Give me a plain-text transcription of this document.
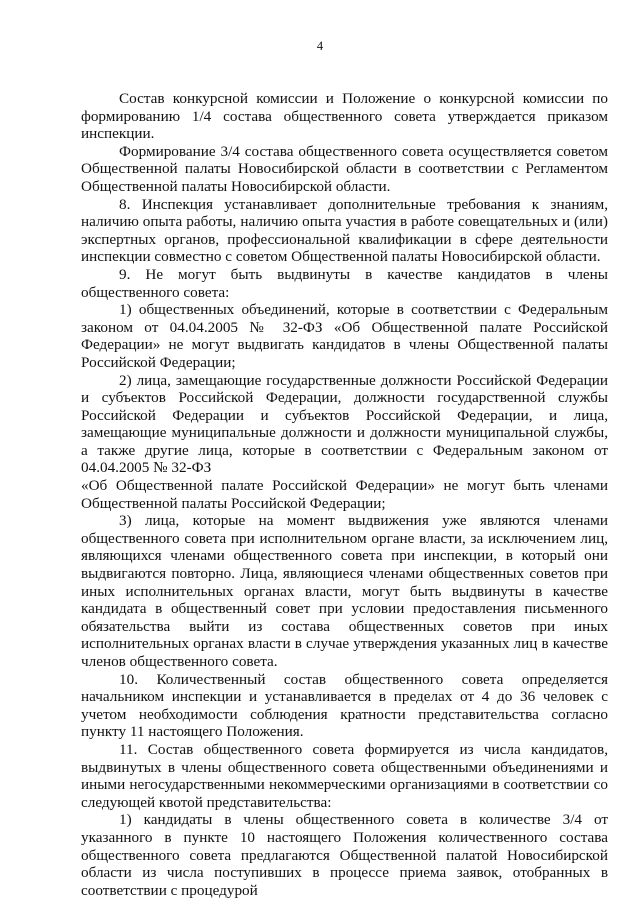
4

Состав конкурсной комиссии и Положение о конкурсной комиссии по формированию 1/4 состава общественного совета утверждается приказом инспекции.

Формирование 3/4 состава общественного совета осуществляется советом Общественной палаты Новосибирской области в соответствии с Регламентом Общественной палаты Новосибирской области.

8. Инспекция устанавливает дополнительные требования к знаниям, наличию опыта работы, наличию опыта участия в работе совещательных и (или) экспертных органов, профессиональной квалификации в сфере деятельности инспекции совместно с советом Общественной палаты Новосибирской области.

9. Не могут быть выдвинуты в качестве кандидатов в члены общественного совета:

1) общественных объединений, которые в соответствии с Федеральным законом от 04.04.2005 № 32-ФЗ «Об Общественной палате Российской Федерации» не могут выдвигать кандидатов в члены Общественной палаты Российской Федерации;

2) лица, замещающие государственные должности Российской Федерации и субъектов Российской Федерации, должности государственной службы Российской Федерации и субъектов Российской Федерации, и лица, замещающие муниципальные должности и должности муниципальной службы, а также другие лица, которые в соответствии с Федеральным законом от 04.04.2005 № 32-ФЗ

«Об Общественной палате Российской Федерации» не могут быть членами Общественной палаты Российской Федерации;

3) лица, которые на момент выдвижения уже являются членами общественного совета при исполнительном органе власти, за исключением лиц, являющихся членами общественного совета при инспекции, в который они выдвигаются повторно. Лица, являющиеся членами общественных советов при иных исполнительных органах власти, могут быть выдвинуты в качестве кандидата в общественный совет при условии предоставления письменного обязательства выйти из состава общественных советов при иных исполнительных органах власти в случае утверждения указанных лиц в качестве членов общественного совета.

10. Количественный состав общественного совета определяется начальником инспекции и устанавливается в пределах от 4 до 36 человек с учетом необходимости соблюдения кратности представительства согласно пункту 11 настоящего Положения.

11. Состав общественного совета формируется из числа кандидатов, выдвинутых в члены общественного совета общественными объединениями и иными негосударственными некоммерческими организациями в соответствии со следующей квотой представительства:

1) кандидаты в члены общественного совета в количестве 3/4 от указанного в пункте 10 настоящего Положения количественного состава общественного совета предлагаются Общественной палатой Новосибирской области из числа поступивших в процессе приема заявок, отобранных в соответствии с процедурой
